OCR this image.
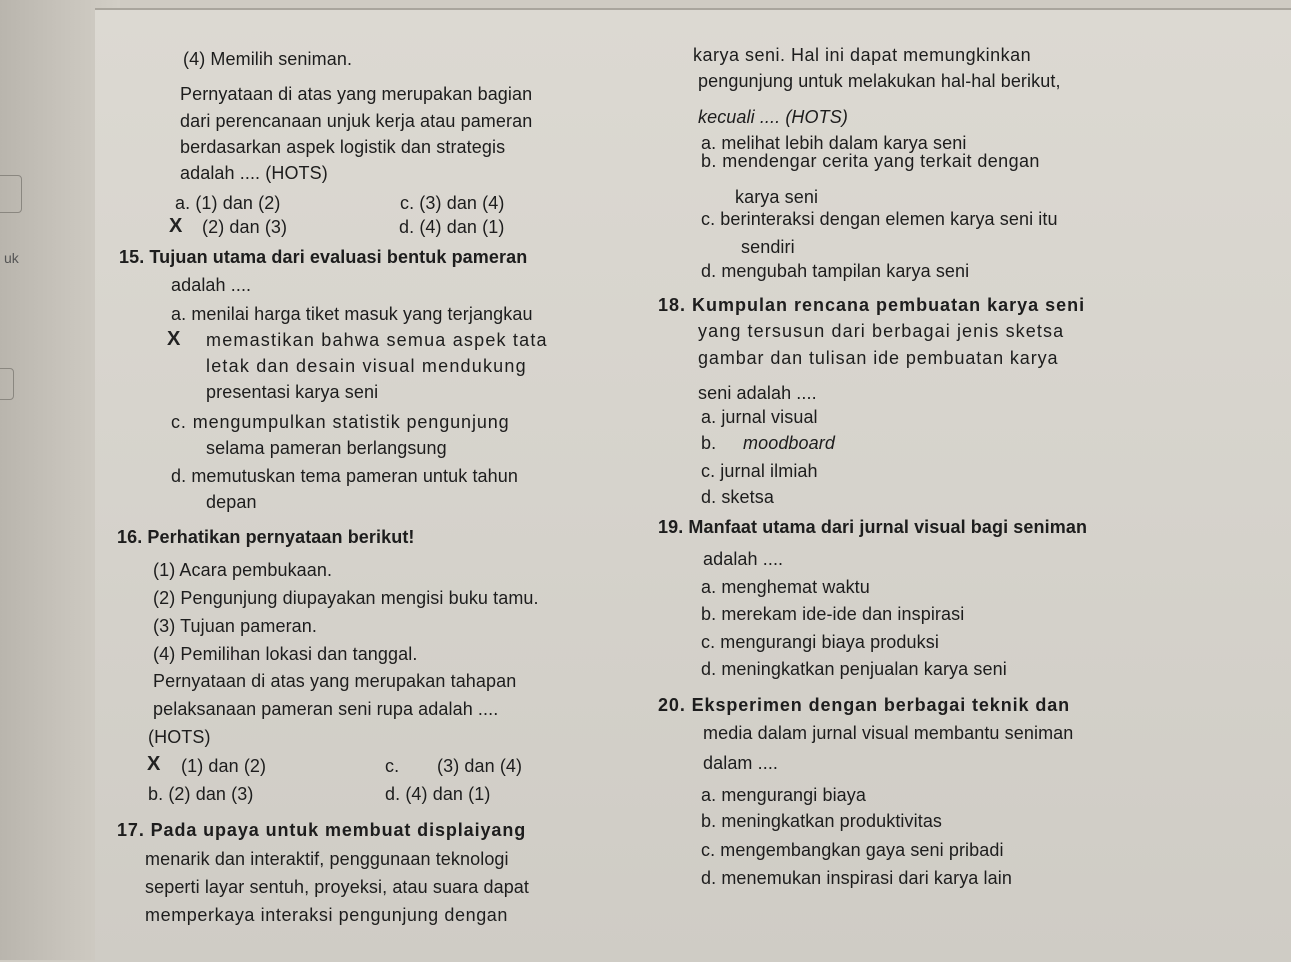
uk
(4) Memilih seniman.
Pernyataan di atas yang merupakan bagian
dari perencanaan unjuk kerja atau pameran
berdasarkan aspek logistik dan strategis
adalah .... (HOTS)
a. (1) dan (2)	c. (3) dan (4)
X (2) dan (3)	d. (4) dan (1)
15. Tujuan utama dari evaluasi bentuk pameran
adalah ....
a. menilai harga tiket masuk yang terjangkau
X memastikan bahwa semua aspek tata
letak dan desain visual mendukung
presentasi karya seni
c. mengumpulkan statistik pengunjung
selama pameran berlangsung
d. memutuskan tema pameran untuk tahun
depan
16. Perhatikan pernyataan berikut!
(1) Acara pembukaan.
(2) Pengunjung diupayakan mengisi buku tamu.
(3) Tujuan pameran.
(4) Pemilihan lokasi dan tanggal.
Pernyataan di atas yang merupakan tahapan
pelaksanaan pameran seni rupa adalah ....
(HOTS)
X (1) dan (2)	c. (3) dan (4)
b. (2) dan (3)	d. (4) dan (1)
17. Pada upaya untuk membuat displaiyang
menarik dan interaktif, penggunaan teknologi
seperti layar sentuh, proyeksi, atau suara dapat
memperkaya interaksi pengunjung dengan
karya seni. Hal ini dapat memungkinkan
pengunjung untuk melakukan hal-hal berikut,
kecuali .... (HOTS)
a. melihat lebih dalam karya seni
b. mendengar cerita yang terkait dengan
karya seni
c. berinteraksi dengan elemen karya seni itu
sendiri
d. mengubah tampilan karya seni
18. Kumpulan rencana pembuatan karya seni
yang tersusun dari berbagai jenis sketsa
gambar dan tulisan ide pembuatan karya
seni adalah ....
a. jurnal visual
b. moodboard
c. jurnal ilmiah
d. sketsa
19. Manfaat utama dari jurnal visual bagi seniman
adalah ....
a. menghemat waktu
b. merekam ide-ide dan inspirasi
c. mengurangi biaya produksi
d. meningkatkan penjualan karya seni
20. Eksperimen dengan berbagai teknik dan
media dalam jurnal visual membantu seniman
dalam ....
a. mengurangi biaya
b. meningkatkan produktivitas
c. mengembangkan gaya seni pribadi
d. menemukan inspirasi dari karya lain
